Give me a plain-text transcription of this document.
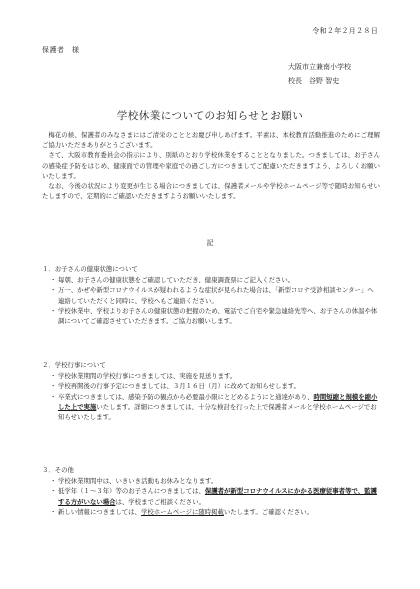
令和２年２月２８日
保護者　様
大阪市立兼南小学校
校長　谷野 智史
学校休業についてのお知らせとお願い

梅花の候、保護者のみなさまにはご清栄のこととお慶び申しあげます。平素は、本校教育活動推進のためにご理解ご協力いただきありがとうございます。

さて、大阪市教育委員会の指示により、別紙のとおり学校休業をすることとなりました。つきましては、お子さんの感染症予防をはじめ、健康面での管理や家庭での過ごし方につきましてご配慮いただきますよう、よろしくお願いいたします。

なお、今後の状況により変更が生じる場合につきましては、保護者メールや学校ホームページ等で随時お知らせいたしますので、定期的にご確認いただきますようお願いいたします。

記
１．お子さんの健康状態について
・ 毎朝、お子さんの健康状態をご確認していただき、健康調査票にご記入ください。
・ 万一、かぜや新型コロナウイルスが疑われるような症状が見られた場合は、「新型コロナ受診相談センター」へ連絡していただくと同時に、学校へもご連絡ください。
・ 学校休業中、学校よりお子さんの健康状態の把握のため、電話でご自宅や緊急連絡先等へ、お子さんの体温や体調についてご確認させていただきます。ご協力お願いします。
２．学校行事について
・ 学校休業期間の学校行事につきましては、実施を見送ります。
・ 学校再開後の行事予定につきましては、３月１６日（月）に改めてお知らせします。
・ 卒業式につきましては、感染予防の観点から必要最小限にとどめるようにと通達があり、時間短縮と規模を縮小した上で実施いたします。詳細につきましては、十分な検討を行った上で保護者メールと学校ホームページでお知らせいたします。
３．その他
・ 学校休業期間中は、いきいき活動もお休みとなります。
・ 低学年（１～３年）等のお子さんにつきましては、保護者が新型コロナウイルスにかかる医療従事者等で、監護する方がいない場合は、学校までご相談ください。
・ 新しい情報につきましては、学校ホームページに随時掲載いたします。ご確認ください。
